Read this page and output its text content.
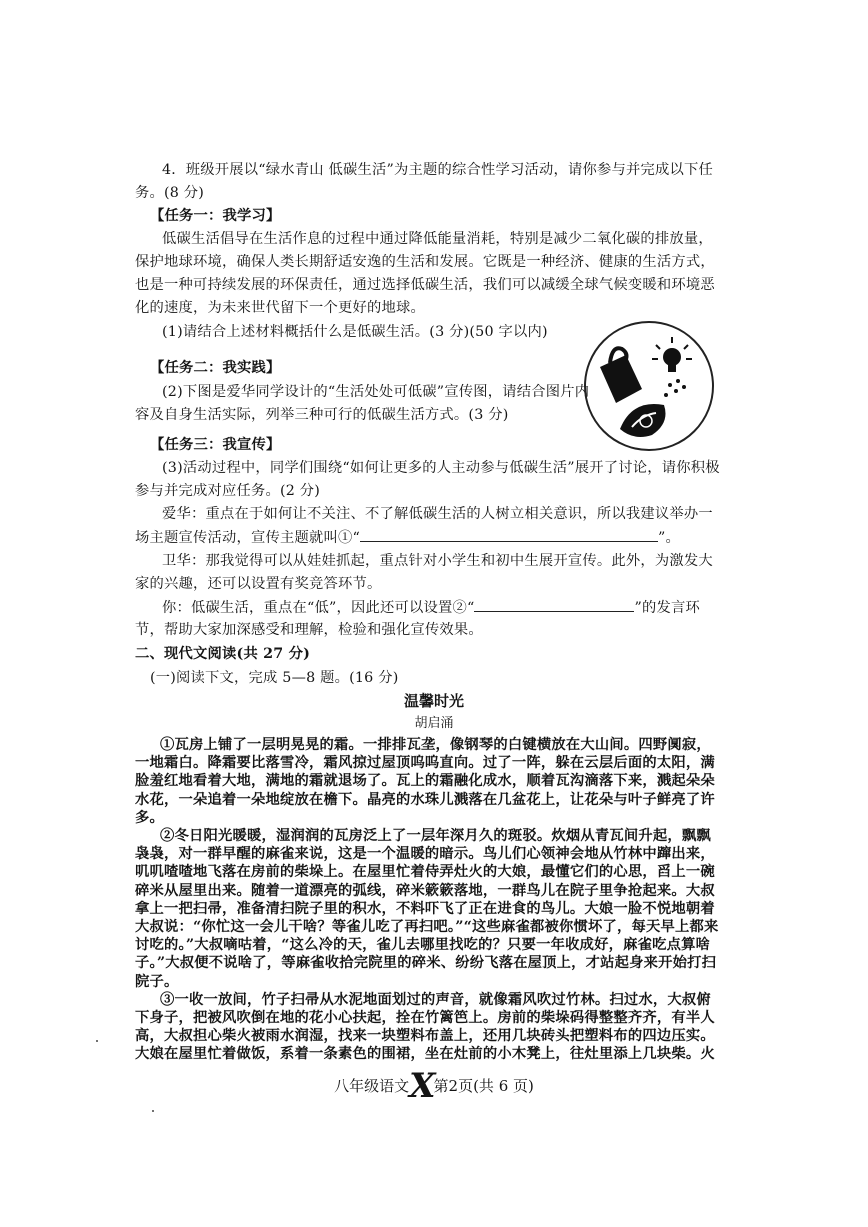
4．班级开展以“绿水青山 低碳生活”为主题的综合性学习活动，请你参与并完成以下任
务。(8 分)
【任务一：我学习】
低碳生活倡导在生活作息的过程中通过降低能量消耗，特别是减少二氧化碳的排放量，
保护地球环境，确保人类长期舒适安逸的生活和发展。它既是一种经济、健康的生活方式，
也是一种可持续发展的环保责任，通过选择低碳生活，我们可以减缓全球气候变暖和环境恶
化的速度，为未来世代留下一个更好的地球。
(1)请结合上述材料概括什么是低碳生活。(3 分)(50 字以内)
【任务二：我实践】
(2)下图是爱华同学设计的“生活处处可低碳”宣传图，请结合图片内
容及自身生活实际，列举三种可行的低碳生活方式。(3 分)
【任务三：我宣传】
(3)活动过程中，同学们围绕“如何让更多的人主动参与低碳生活”展开了讨论，请你积极
参与并完成对应任务。(2 分)
爱华：重点在于如何让不关注、不了解低碳生活的人树立相关意识，所以我建议举办一
场主题宣传活动，宣传主题就叫①“	”。
卫华：那我觉得可以从娃娃抓起，重点针对小学生和初中生展开宣传。此外，为激发大
家的兴趣，还可以设置有奖竞答环节。
你：低碳生活，重点在“低”，因此还可以设置②“	”的发言环
节，帮助大家加深感受和理解，检验和强化宣传效果。
二、现代文阅读(共 27 分)
(一)阅读下文，完成 5—8 题。(16 分)
温馨时光
胡启涌
①瓦房上铺了一层明晃晃的霜。一排排瓦垄，像钢琴的白键横放在大山间。四野阒寂，
一地霜白。降霜要比落雪冷，霜风掠过屋顶呜呜直向。过了一阵，躲在云层后面的太阳，满
脸羞红地看着大地，满地的霜就退场了。瓦上的霜融化成水，顺着瓦沟滴落下来，溅起朵朵
水花，一朵追着一朵地绽放在檐下。晶亮的水珠儿溅落在几盆花上，让花朵与叶子鲜亮了许
多。
②冬日阳光暖暖，湿润润的瓦房泛上了一层年深月久的斑驳。炊烟从青瓦间升起，飘飘
袅袅，对一群早醒的麻雀来说，这是一个温暖的暗示。鸟儿们心领神会地从竹林中蹿出来，
叽叽喳喳地飞落在房前的柴垛上。在屋里忙着侍弄灶火的大娘，最懂它们的心思，舀上一碗
碎米从屋里出来。随着一道漂亮的弧线，碎米簌簌落地，一群鸟儿在院子里争抢起来。大叔
拿上一把扫帚，准备清扫院子里的积水，不料吓飞了正在进食的鸟儿。大娘一脸不悦地朝着
大叔说：“你忙这一会儿干啥？等雀儿吃了再扫吧。”“这些麻雀都被你惯坏了，每天早上都来
讨吃的。”大叔嘀咕着，“这么冷的天，雀儿去哪里找吃的？只要一年收成好，麻雀吃点算啥
子。”大叔便不说啥了，等麻雀收拾完院里的碎米、纷纷飞落在屋顶上，才站起身来开始打扫
院子。
③一收一放间，竹子扫帚从水泥地面划过的声音，就像霜风吹过竹林。扫过水，大叔俯
下身子，把被风吹倒在地的花小心扶起，拴在竹篱笆上。房前的柴垛码得整整齐齐，有半人
高，大叔担心柴火被雨水润湿，找来一块塑料布盖上，还用几块砖头把塑料布的四边压实。
大娘在屋里忙着做饭，系着一条素色的围裙，坐在灶前的小木凳上，往灶里添上几块柴。火
八年级语文X第2页(共 6 页)
